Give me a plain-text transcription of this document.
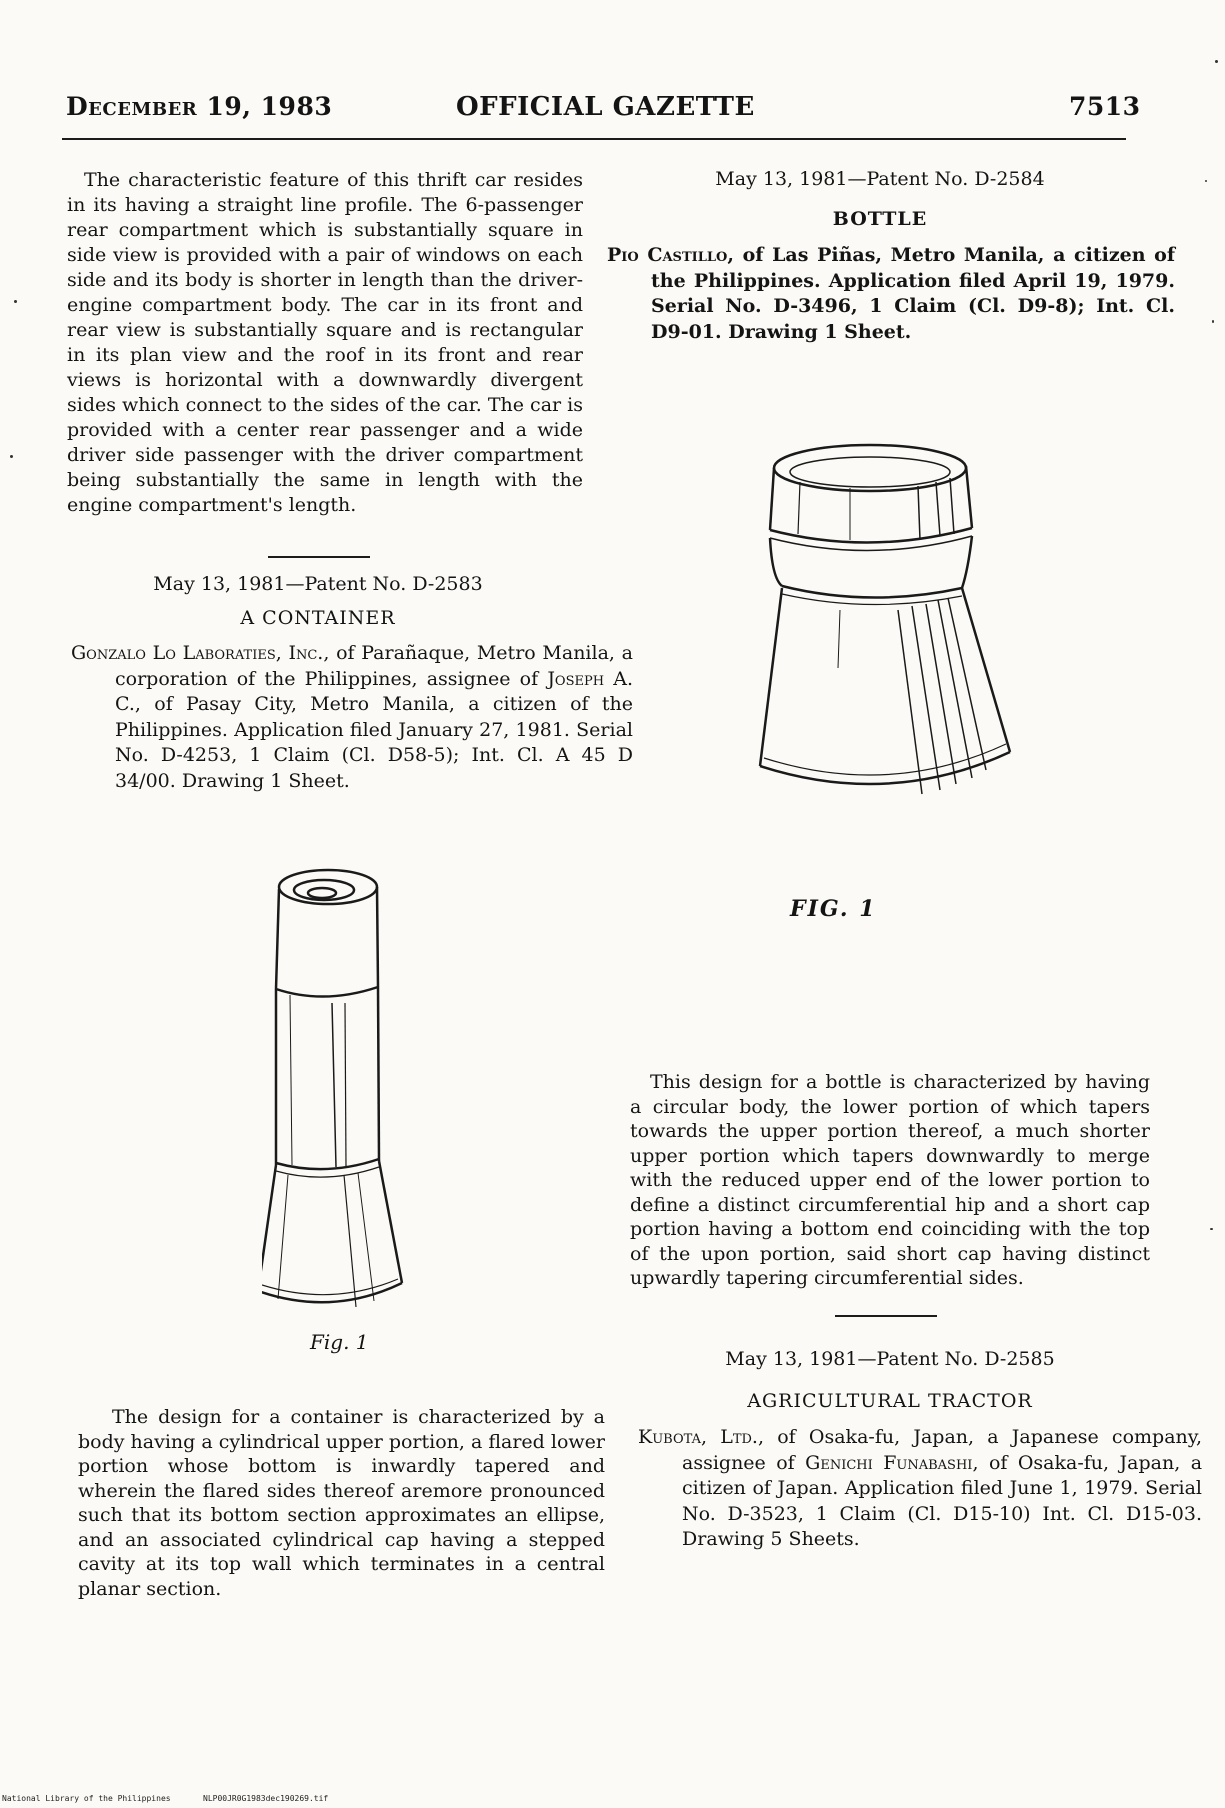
December 19, 1983	OFFICIAL GAZETTE	7513
The characteristic feature of this thrift car resides in its having a straight line profile. The 6-passenger rear compartment which is substantially square in side view is provided with a pair of windows on each side and its body is shorter in length than the driver-engine compartment body. The car in its front and rear view is substantially square and is rectangular in its plan view and the roof in its front and rear views is horizontal with a downwardly divergent sides which connect to the sides of the car. The car is provided with a center rear passenger and a wide driver side passenger with the driver compartment being substantially the same in length with the engine compartment's length.
May 13, 1981—Patent No. D-2583
A CONTAINER
Gonzalo Lo Laboraties, Inc., of Parañaque, Metro Manila, a corporation of the Philippines, assignee of Joseph A. C., of Pasay City, Metro Manila, a citizen of the Philippines. Application filed January 27, 1981. Serial No. D-4253, 1 Claim (Cl. D58-5); Int. Cl. A 45 D 34/00. Drawing 1 Sheet.
Fig. 1
The design for a container is characterized by a body having a cylindrical upper portion, a flared lower portion whose bottom is inwardly tapered and wherein the flared sides thereof aremore pronounced such that its bottom section approximates an ellipse, and an associated cylindrical cap having a stepped cavity at its top wall which terminates in a central planar section.
May 13, 1981—Patent No. D-2584
BOTTLE
Pio Castillo, of Las Piñas, Metro Manila, a citizen of the Philippines. Application filed April 19, 1979. Serial No. D-3496, 1 Claim (Cl. D9-8); Int. Cl. D9-01. Drawing 1 Sheet.
FIG. 1
This design for a bottle is characterized by having a circular body, the lower portion of which tapers towards the upper portion thereof, a much shorter upper portion which tapers downwardly to merge with the reduced upper end of the lower portion to define a distinct circumferential hip and a short cap portion having a bottom end coinciding with the top of the upon portion, said short cap having distinct upwardly tapering circumferential sides.
May 13, 1981—Patent No. D-2585
AGRICULTURAL TRACTOR
Kubota, Ltd., of Osaka-fu, Japan, a Japanese company, assignee of Genichi Funabashi, of Osaka-fu, Japan, a citizen of Japan. Application filed June 1, 1979. Serial No. D-3523, 1 Claim (Cl. D15-10) Int. Cl. D15-03. Drawing 5 Sheets.
National Library of the Philippines	NLP00JR0G1983dec190269.tif
